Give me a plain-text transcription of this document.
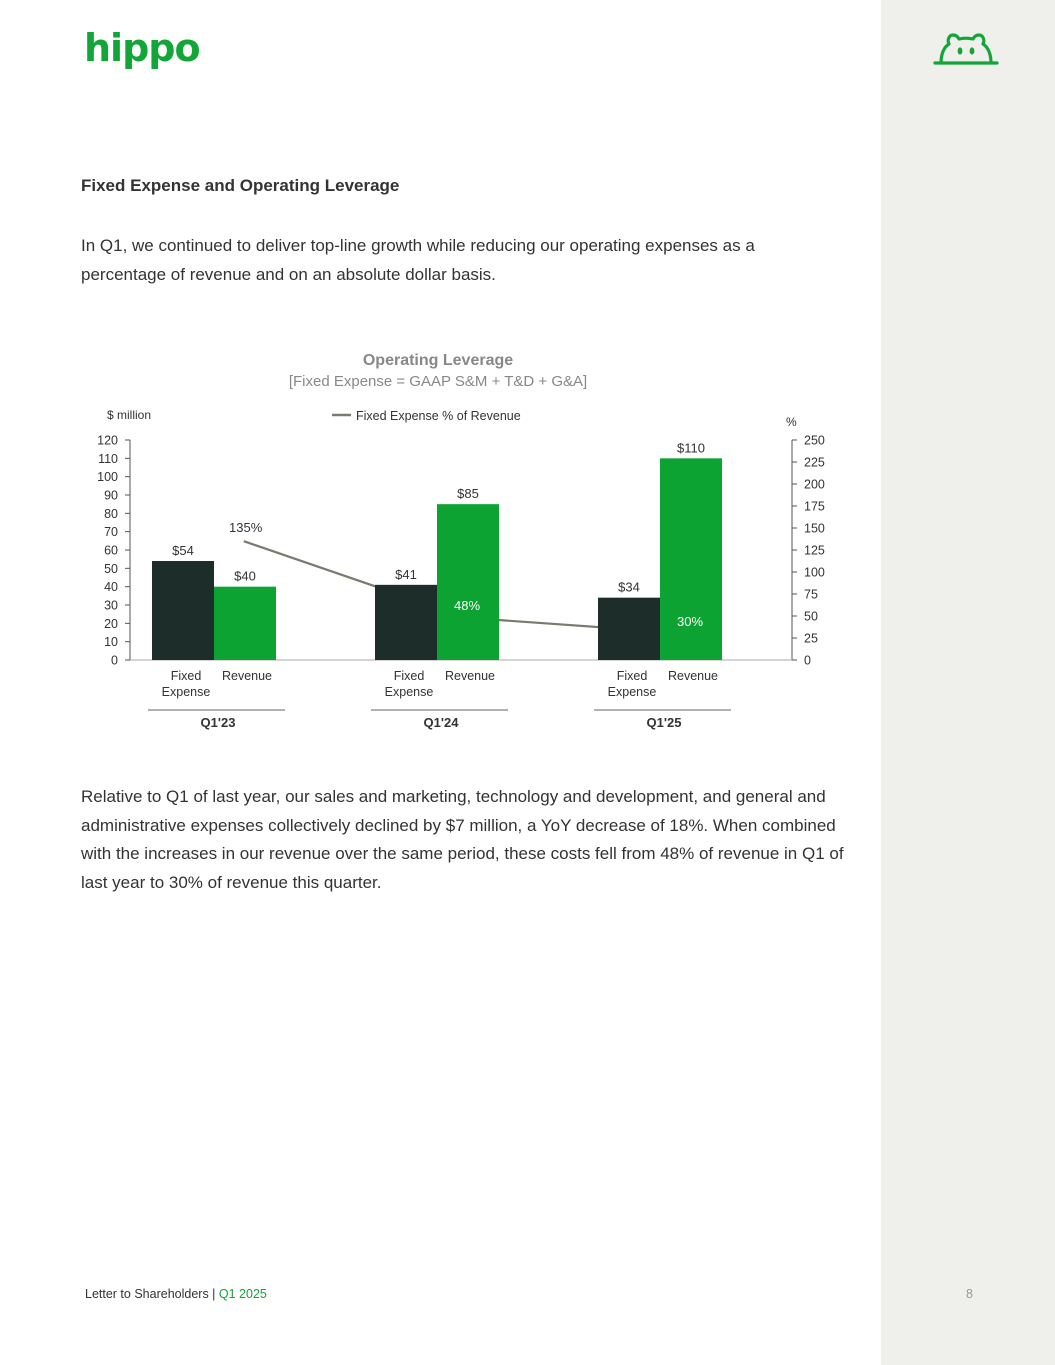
hippo
Fixed Expense and Operating Leverage

In Q1, we continued to deliver top-line growth while reducing our operating expenses as a percentage of revenue and on an absolute dollar basis.

Operating Leverage
[Fixed Expense = GAAP S&M + T&D + G&A]
$ million	%
Fixed Expense % of Revenue
0
10
20
30
40
50
60
70
80
90
100
110
120
0
25
50
75
100
125
150
175
200
225
250
$54
$40
Fixed
Expense
Revenue
Q1'23
$41
$85
Fixed
Expense
Revenue
Q1'24
$34
$110
Fixed
Expense
Revenue
Q1'25
135%
48%
30%

Relative to Q1 of last year, our sales and marketing, technology and development, and general and administrative expenses collectively declined by $7 million, a YoY decrease of 18%. When combined with the increases in our revenue over the same period, these costs fell from 48% of revenue in Q1 of last year to 30% of revenue this quarter.

Letter to Shareholders | Q1 2025	8
